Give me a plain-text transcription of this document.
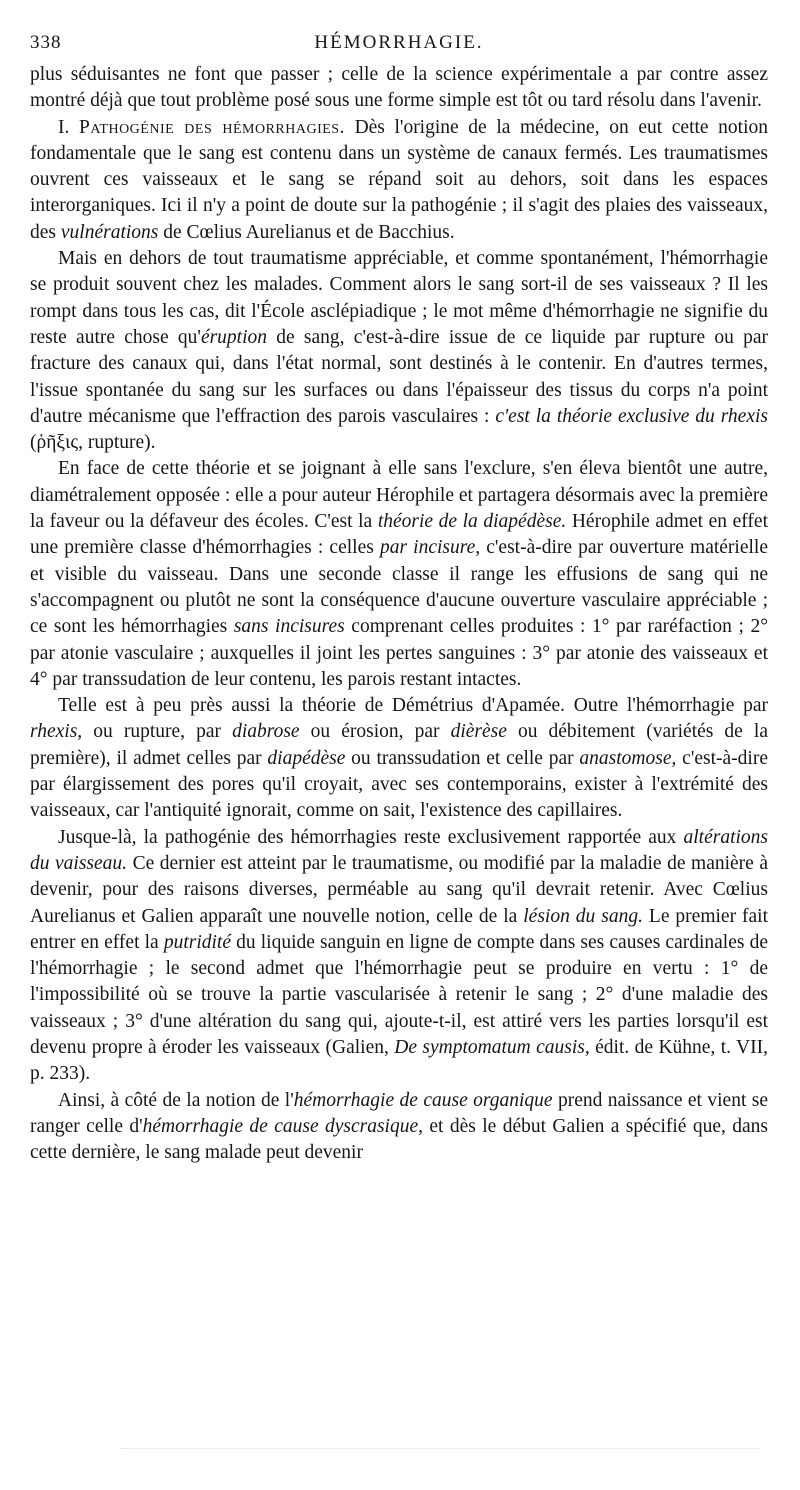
338	HÉMORRHAGIE.

plus séduisantes ne font que passer ; celle de la science expérimentale a par contre assez montré déjà que tout problème posé sous une forme simple est tôt ou tard résolu dans l'avenir.

I. Pathogénie des hémorrhagies. Dès l'origine de la médecine, on eut cette notion fondamentale que le sang est contenu dans un système de canaux fermés. Les traumatismes ouvrent ces vaisseaux et le sang se répand soit au dehors, soit dans les espaces interorganiques. Ici il n'y a point de doute sur la pathogénie ; il s'agit des plaies des vaisseaux, des vulnérations de Cœlius Aurelianus et de Bacchius.

Mais en dehors de tout traumatisme appréciable, et comme spontanément, l'hémorrhagie se produit souvent chez les malades. Comment alors le sang sort-il de ses vaisseaux ? Il les rompt dans tous les cas, dit l'École asclépiadique ; le mot même d'hémorrhagie ne signifie du reste autre chose qu'éruption de sang, c'est-à-dire issue de ce liquide par rupture ou par fracture des canaux qui, dans l'état normal, sont destinés à le contenir. En d'autres termes, l'issue spontanée du sang sur les surfaces ou dans l'épaisseur des tissus du corps n'a point d'autre mécanisme que l'effraction des parois vasculaires : c'est la théorie exclusive du rhexis (ῥῆξις, rupture).

En face de cette théorie et se joignant à elle sans l'exclure, s'en éleva bientôt une autre, diamétralement opposée : elle a pour auteur Hérophile et partagera désormais avec la première la faveur ou la défaveur des écoles. C'est la théorie de la diapédèse. Hérophile admet en effet une première classe d'hémorrhagies : celles par incisure, c'est-à-dire par ouverture matérielle et visible du vaisseau. Dans une seconde classe il range les effusions de sang qui ne s'accompagnent ou plutôt ne sont la conséquence d'aucune ouverture vasculaire appréciable ; ce sont les hémorrhagies sans incisures comprenant celles produites : 1° par raréfaction ; 2° par atonie vasculaire ; auxquelles il joint les pertes sanguines : 3° par atonie des vaisseaux et 4° par transsudation de leur contenu, les parois restant intactes.

Telle est à peu près aussi la théorie de Démétrius d'Apamée. Outre l'hémorrhagie par rhexis, ou rupture, par diabrose ou érosion, par dièrèse ou débitement (variétés de la première), il admet celles par diapédèse ou transsudation et celle par anastomose, c'est-à-dire par élargissement des pores qu'il croyait, avec ses contemporains, exister à l'extrémité des vaisseaux, car l'antiquité ignorait, comme on sait, l'existence des capillaires.

Jusque-là, la pathogénie des hémorrhagies reste exclusivement rapportée aux altérations du vaisseau. Ce dernier est atteint par le traumatisme, ou modifié par la maladie de manière à devenir, pour des raisons diverses, perméable au sang qu'il devrait retenir. Avec Cœlius Aurelianus et Galien apparaît une nouvelle notion, celle de la lésion du sang. Le premier fait entrer en effet la putridité du liquide sanguin en ligne de compte dans ses causes cardinales de l'hémorrhagie ; le second admet que l'hémorrhagie peut se produire en vertu : 1° de l'impossibilité où se trouve la partie vascularisée à retenir le sang ; 2° d'une maladie des vaisseaux ; 3° d'une altération du sang qui, ajoute-t-il, est attiré vers les parties lorsqu'il est devenu propre à éroder les vaisseaux (Galien, De symptomatum causis, édit. de Kühne, t. VII, p. 233).

Ainsi, à côté de la notion de l'hémorrhagie de cause organique prend naissance et vient se ranger celle d'hémorrhagie de cause dyscrasique, et dès le début Galien a spécifié que, dans cette dernière, le sang malade peut devenir
